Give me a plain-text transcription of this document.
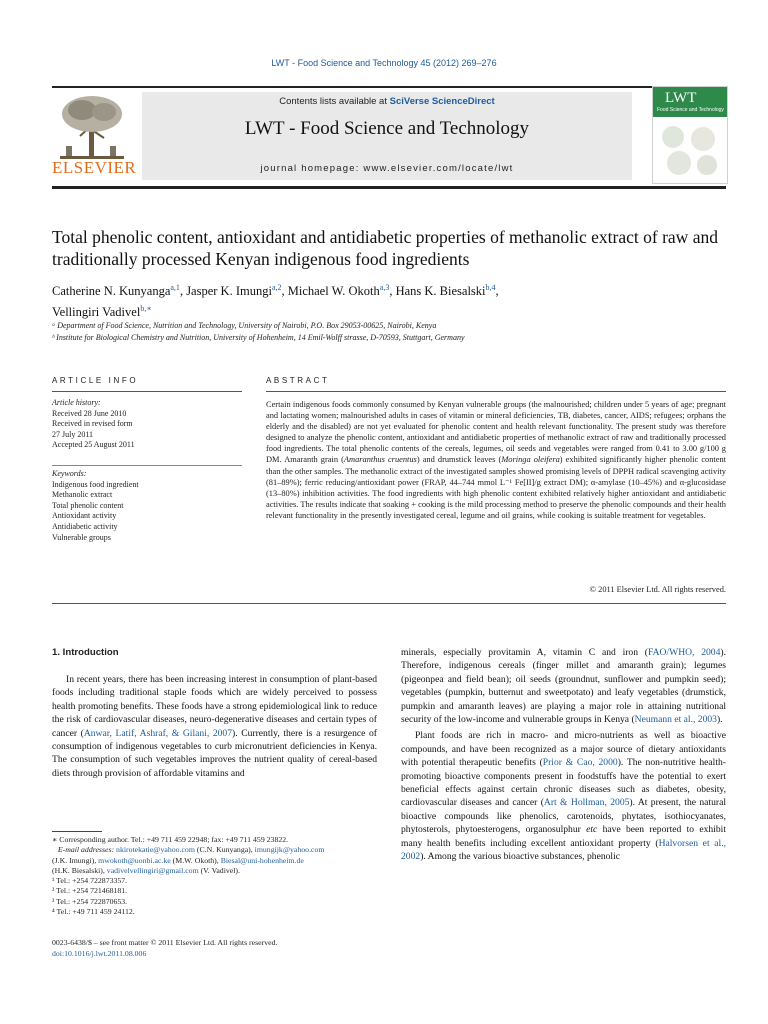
LWT - Food Science and Technology 45 (2012) 269–276
ELSEVIER
Contents lists available at SciVerse ScienceDirect
LWT - Food Science and Technology
journal homepage: www.elsevier.com/locate/lwt
LWT
Food Science and Technology
Total phenolic content, antioxidant and antidiabetic properties of methanolic extract of raw and traditionally processed Kenyan indigenous food ingredients
Catherine N. Kunyanga$^{a,1}$, Jasper K. Imungi$^{a,2}$, Michael W. Okoth$^{a,3}$, Hans K. Biesalski$^{b,4}$,
Vellingiri Vadivel$^{b,∗}$
ᵃ Department of Food Science, Nutrition and Technology, University of Nairobi, P.O. Box 29053-00625, Nairobi, Kenya
ᵇ Institute for Biological Chemistry and Nutrition, University of Hohenheim, 14 Emil-Wolff strasse, D-70593, Stuttgart, Germany
ARTICLE INFO
Article history:
Received 28 June 2010
Received in revised form
27 July 2011
Accepted 25 August 2011
Keywords:
Indigenous food ingredient
Methanolic extract
Total phenolic content
Antioxidant activity
Antidiabetic activity
Vulnerable groups
ABSTRACT
Certain indigenous foods commonly consumed by Kenyan vulnerable groups (the malnourished; children under 5 years of age; pregnant and lactating women; malnourished adults in cases of vitamin or mineral deficiencies, TB, diabetes, cancer, AIDS; refugees; orphans the elderly and the disabled) are not yet evaluated for phenolic content and health relevant functionality. The present study was therefore designed to analyze the phenolic content, antioxidant and antidiabetic properties of methanolic extract of raw and traditionally processed food ingredients. The total phenolic contents of the cereals, legumes, oil seeds and vegetables were ranged from 0.41 to 3.00 g/100 g DM. Amaranth grain (Amaranthus cruentus) and drumstick leaves (Moringa oleifera) exhibited significantly higher phenolic content than the other samples. The methanolic extract of the investigated samples showed promising levels of DPPH radical scavenging activity (81–89%); ferric reducing/antioxidant power (FRAP, 44–744 mmol L⁻¹ Fe[II]/g extract DM); α-amylase (10–45%) and α-glucosidase (13–80%) inhibition activities. The food ingredients with high phenolic content exhibited relatively higher antioxidant and antidiabetic activities. The results indicate that soaking + cooking is the mild processing method to preserve the phenolic compounds and their health relevant functionality in the presently investigated cereal, legume and oil grains, while cooking is suitable treatment for vegetables.
© 2011 Elsevier Ltd. All rights reserved.
1. Introduction
In recent years, there has been increasing interest in consumption of plant-based foods including traditional staple foods which are widely perceived to possess health promoting benefits. These foods have a strong epidemiological link to reduce the risk of cardiovascular diseases, neuro-degenerative diseases and certain types of cancer (Anwar, Latif, Ashraf, & Gilani, 2007). Currently, there is a resurgence of consumption of indigenous vegetables to curb micronutrient deficiencies in Kenya. The consumption of such vegetables improves the nutrient quality of cereal-based diets through provision of affordable vitamins and

minerals, especially provitamin A, vitamin C and iron (FAO/WHO, 2004). Therefore, indigenous cereals (finger millet and amaranth grain); legumes (pigeonpea and field bean); oil seeds (groundnut, sunflower and pumpkin seed); vegetables (pumpkin, butternut and sweetpotato) and leafy vegetables (drumstick, pumpkin and amaranth leaves) are playing a major role in attaining nutritional security of the low-income and vulnerable groups in Kenya (Neumann et al., 2003).

Plant foods are rich in macro- and micro-nutrients as well as bioactive compounds, and have been recognized as a major source of dietary antioxidants with potential therapeutic benefits (Prior & Cao, 2000). The non-nutritive health-promoting bioactive components present in foodstuffs have the potential to exert beneficial effects against certain chronic diseases such as diabetes, obesity, cardiovascular diseases and cancer (Art & Hollman, 2005). At present, the natural bioactive compounds like phenolics, carotenoids, phytates, isothiocyanates, phytosterols, phytoesterogens, organosulphur etc have been reported to exhibit many health benefits including excellent antioxidant property (Halvorsen et al., 2002). Among the various bioactive substances, phenolic

∗ Corresponding author. Tel.: +49 711 459 22948; fax: +49 711 459 23822.
E-mail addresses: nkirotekatie@yahoo.com (C.N. Kunyanga), imungijk@yahoo.com
(J.K. Imungi), mwokoth@uonbi.ac.ke (M.W. Okoth), Biesal@uni-hohenheim.de
(H.K. Biesalski), vadivelvellingiri@gmail.com (V. Vadivel).
¹ Tel.: +254 722873357.
² Tel.: +254 721468181.
³ Tel.: +254 722870653.
⁴ Tel.: +49 711 459 24112.
0023-6438/$ – see front matter © 2011 Elsevier Ltd. All rights reserved.
doi:10.1016/j.lwt.2011.08.006
